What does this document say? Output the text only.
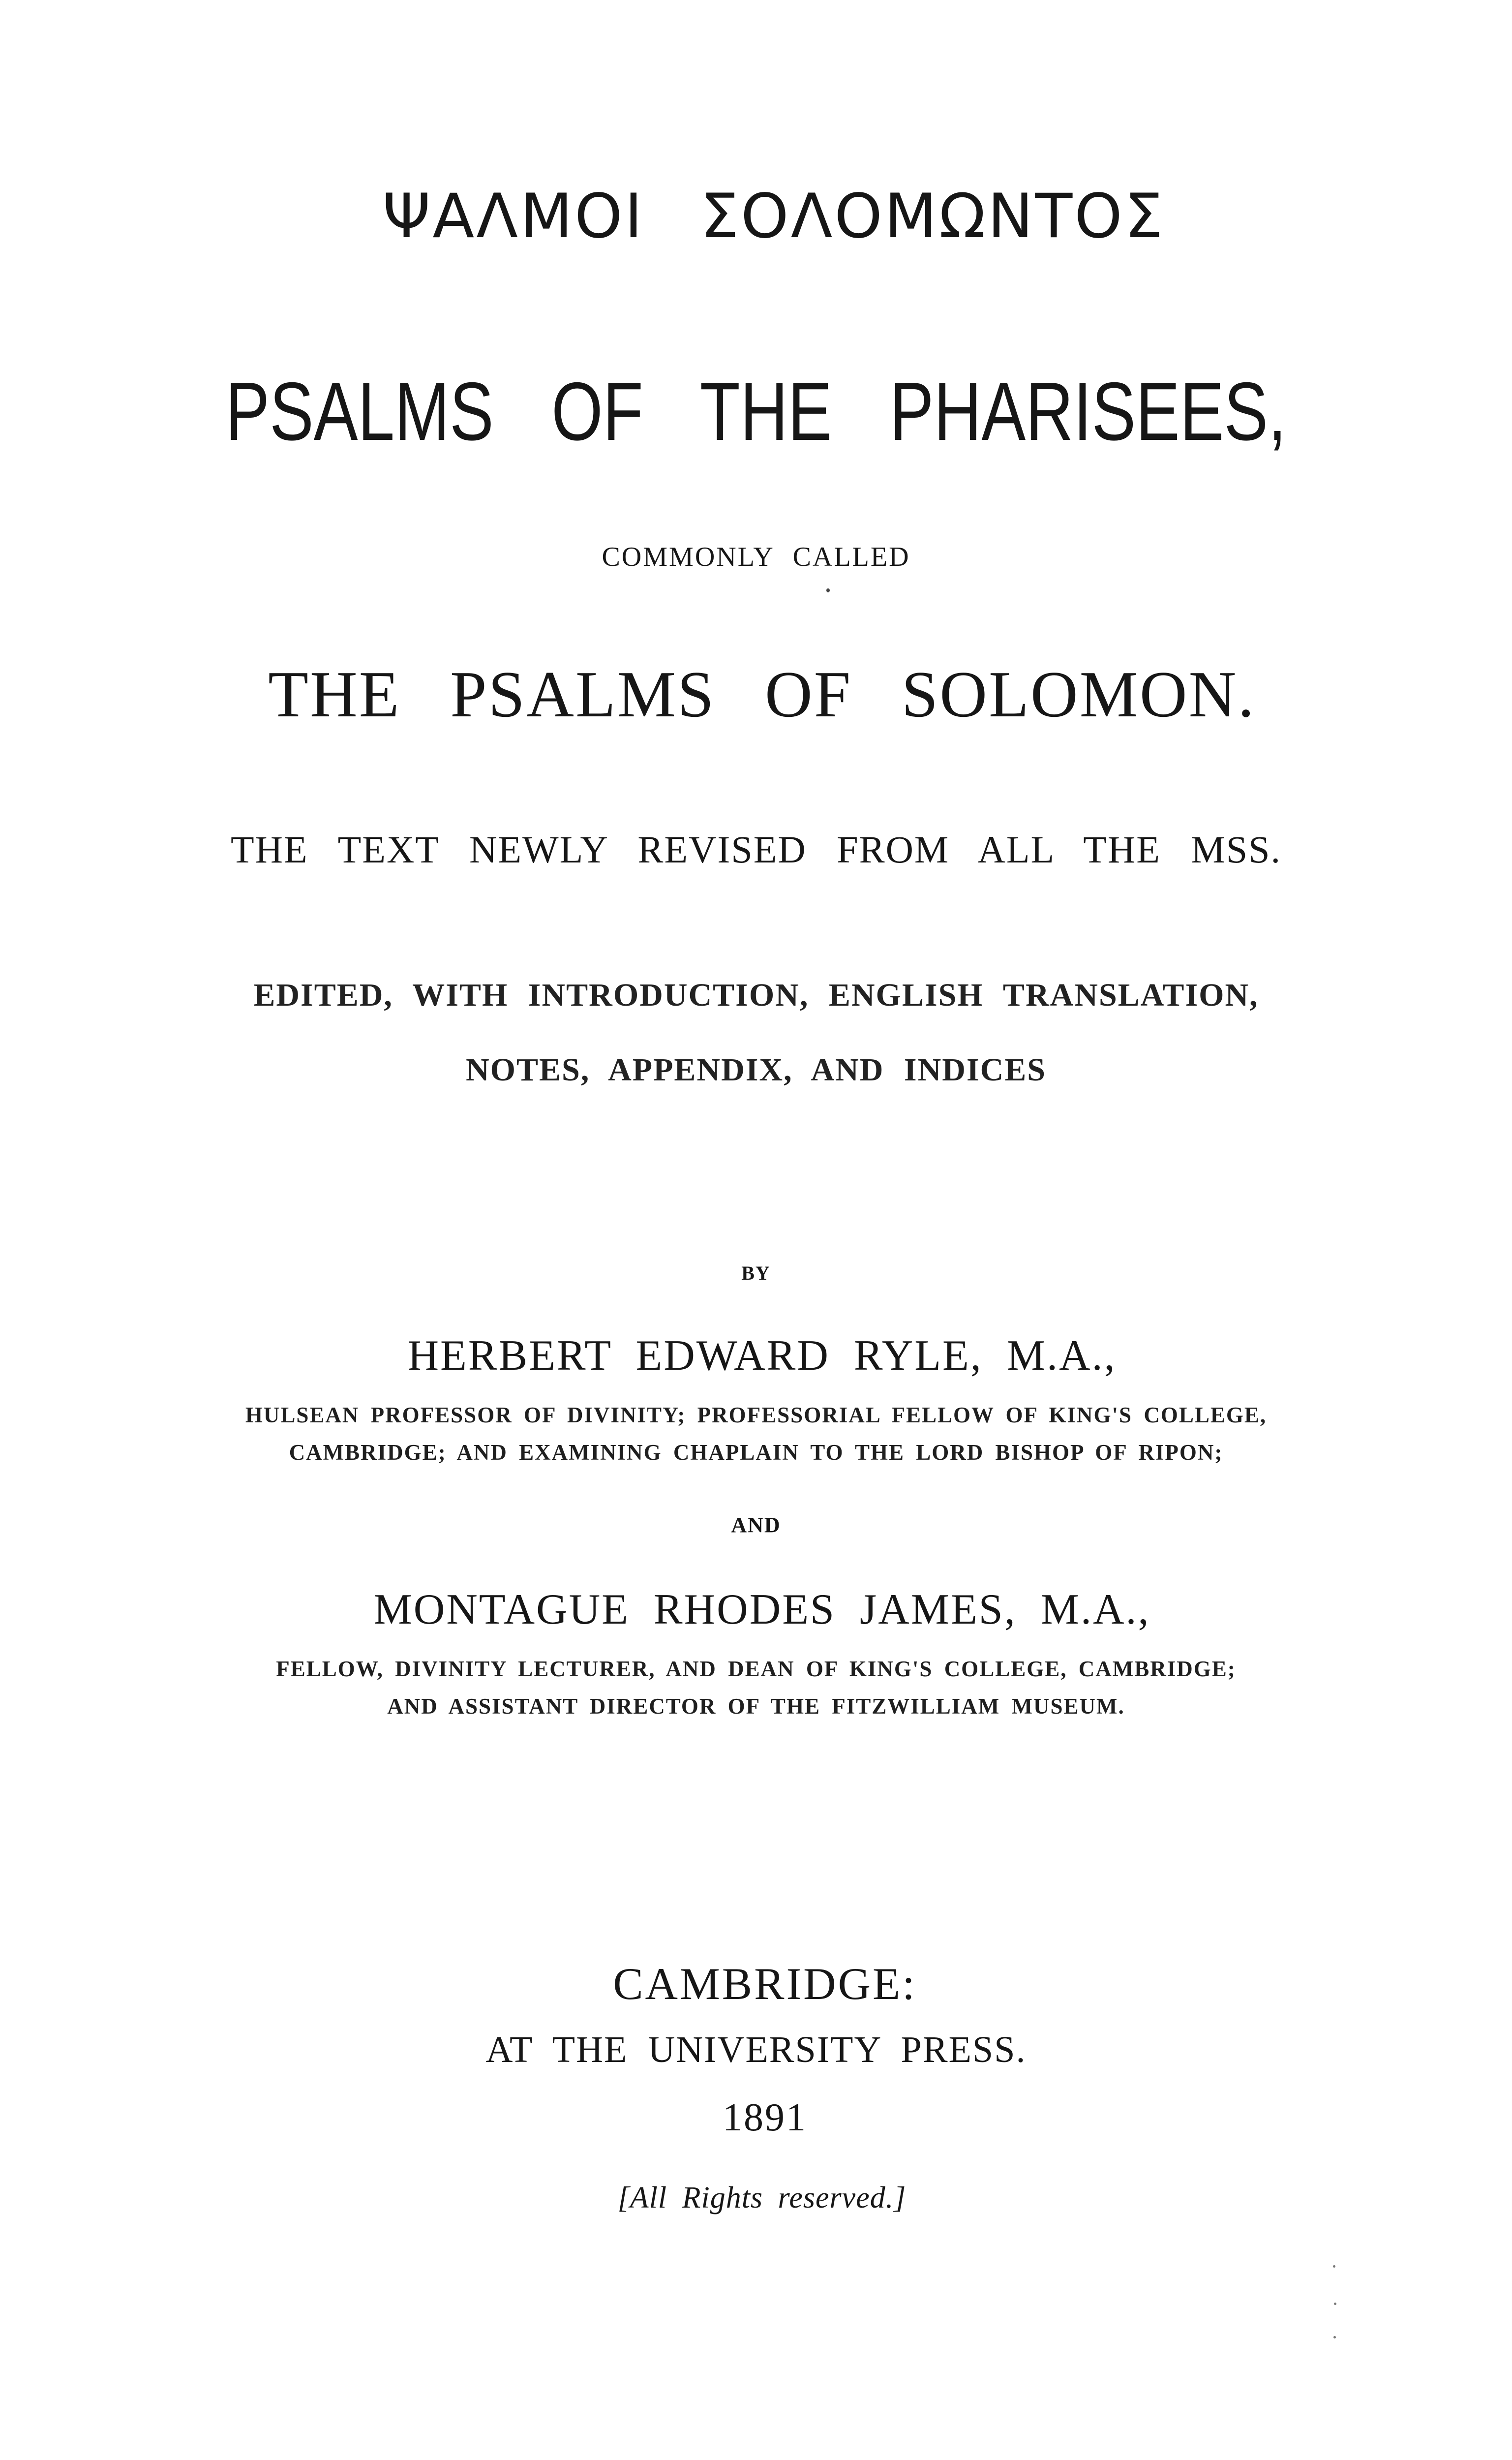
ΨΑΛΜΟΙ ΣΟΛΟΜΩΝΤΟΣ
PSALMS OF THE PHARISEES,
COMMONLY CALLED
THE PSALMS OF SOLOMON.
THE TEXT NEWLY REVISED FROM ALL THE MSS.
EDITED, WITH INTRODUCTION, ENGLISH TRANSLATION,
NOTES, APPENDIX, AND INDICES
BY
HERBERT EDWARD RYLE, M.A.,
HULSEAN PROFESSOR OF DIVINITY; PROFESSORIAL FELLOW OF KING'S COLLEGE,
CAMBRIDGE; AND EXAMINING CHAPLAIN TO THE LORD BISHOP OF RIPON;
AND
MONTAGUE RHODES JAMES, M.A.,
FELLOW, DIVINITY LECTURER, AND DEAN OF KING'S COLLEGE, CAMBRIDGE;
AND ASSISTANT DIRECTOR OF THE FITZWILLIAM MUSEUM.
CAMBRIDGE:
AT THE UNIVERSITY PRESS.
1891
[All Rights reserved.]
